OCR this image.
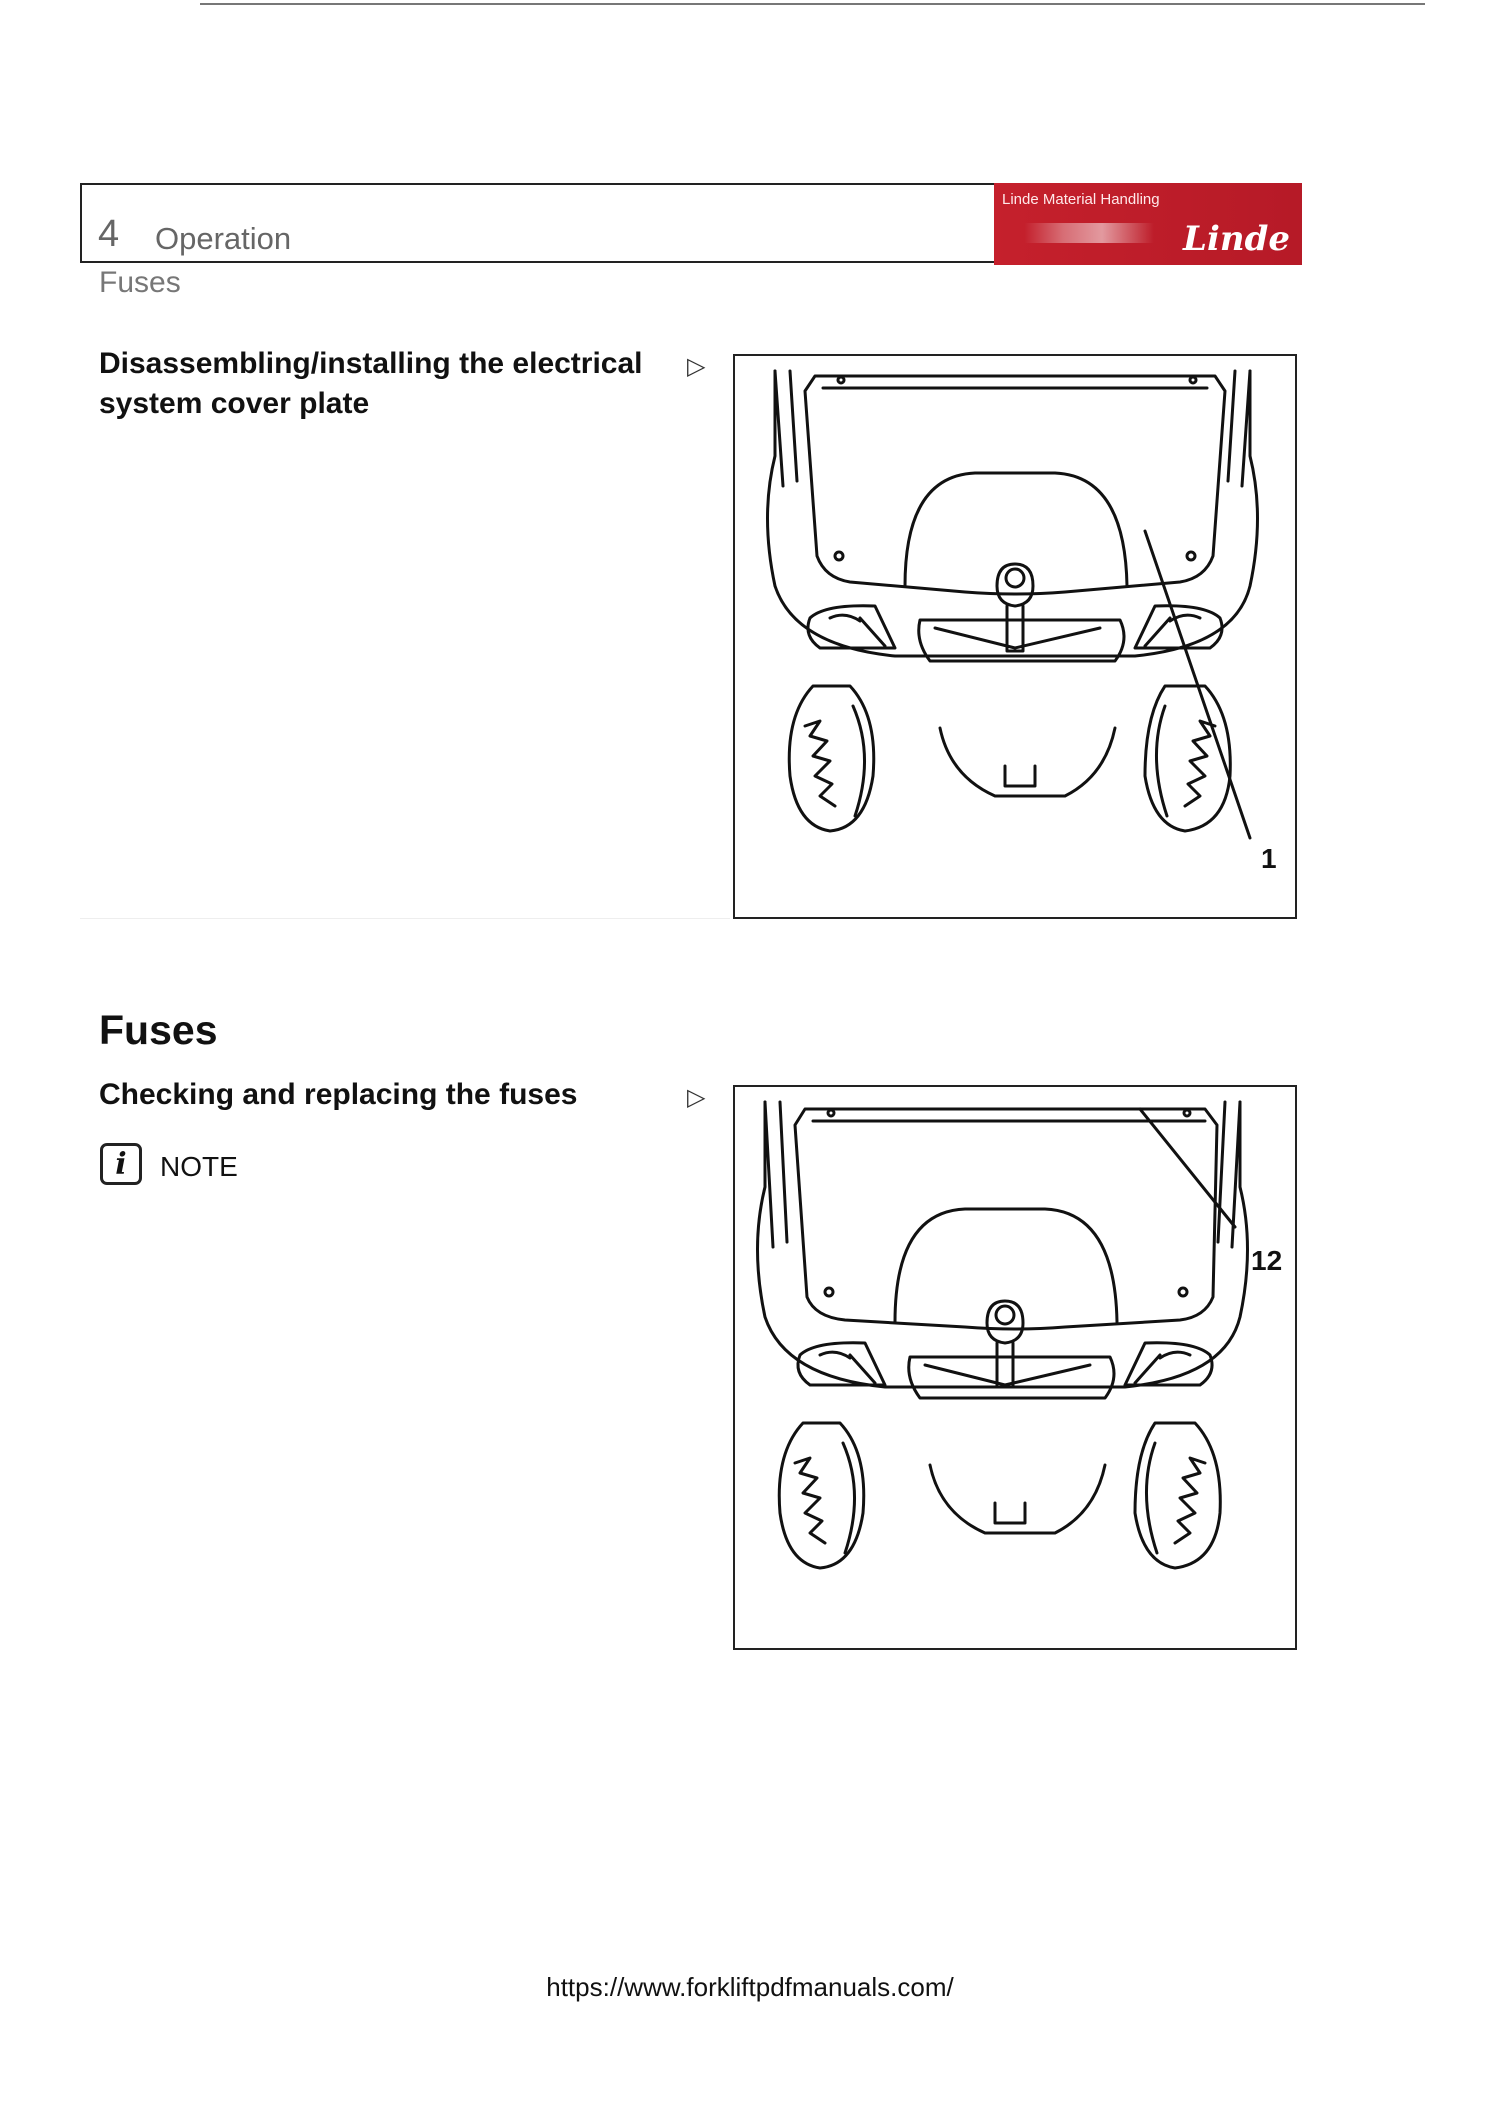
4 Operation
Linde Material Handling
Linde
Fuses
Disassembling/installing the electrical system cover plate
▷
1
Fuses
Checking and replacing the fuses	▷
i	NOTE
12
https://www.forkliftpdfmanuals.com/
